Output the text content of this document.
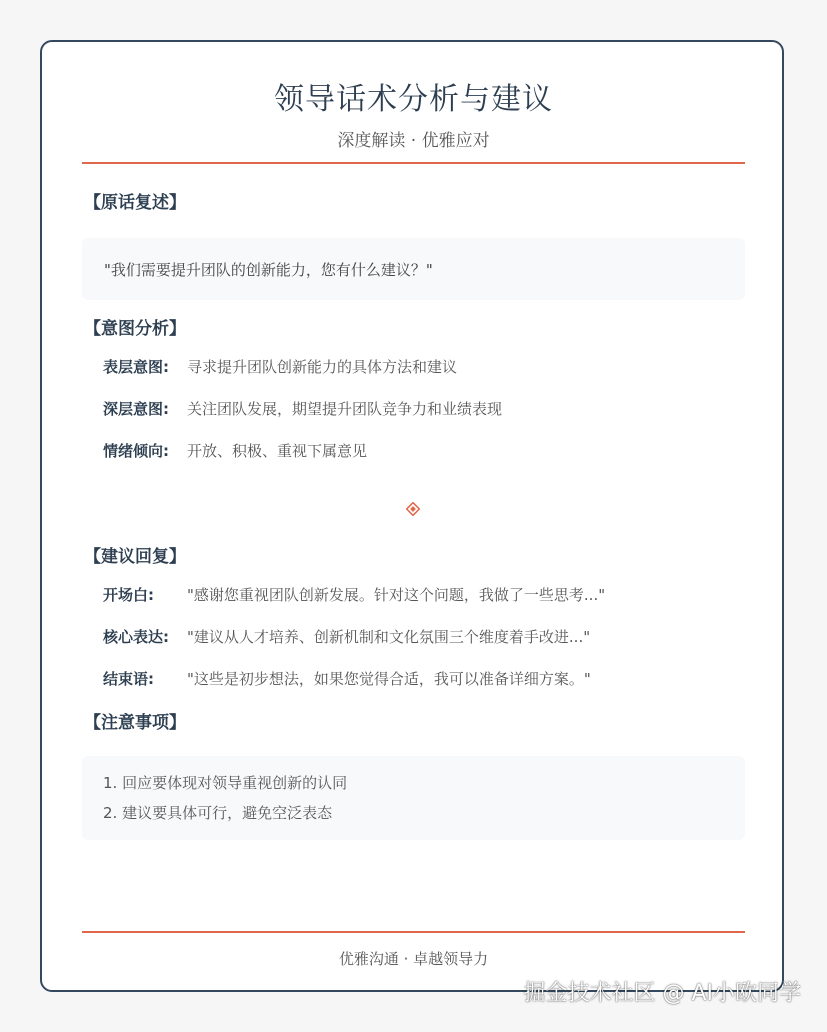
领导话术分析与建议
深度解读 · 优雅应对
【原话复述】
"我们需要提升团队的创新能力，您有什么建议？"
【意图分析】
表层意图: 寻求提升团队创新能力的具体方法和建议
深层意图: 关注团队发展，期望提升团队竞争力和业绩表现
情绪倾向: 开放、积极、重视下属意见
【建议回复】
开场白: "感谢您重视团队创新发展。针对这个问题，我做了一些思考..."
核心表达: "建议从人才培养、创新机制和文化氛围三个维度着手改进..."
结束语: "这些是初步想法，如果您觉得合适，我可以准备详细方案。"
【注意事项】
1. 回应要体现对领导重视创新的认同
2. 建议要具体可行，避免空泛表态
优雅沟通 · 卓越领导力
掘金技术社区 @ AI小欧同学
